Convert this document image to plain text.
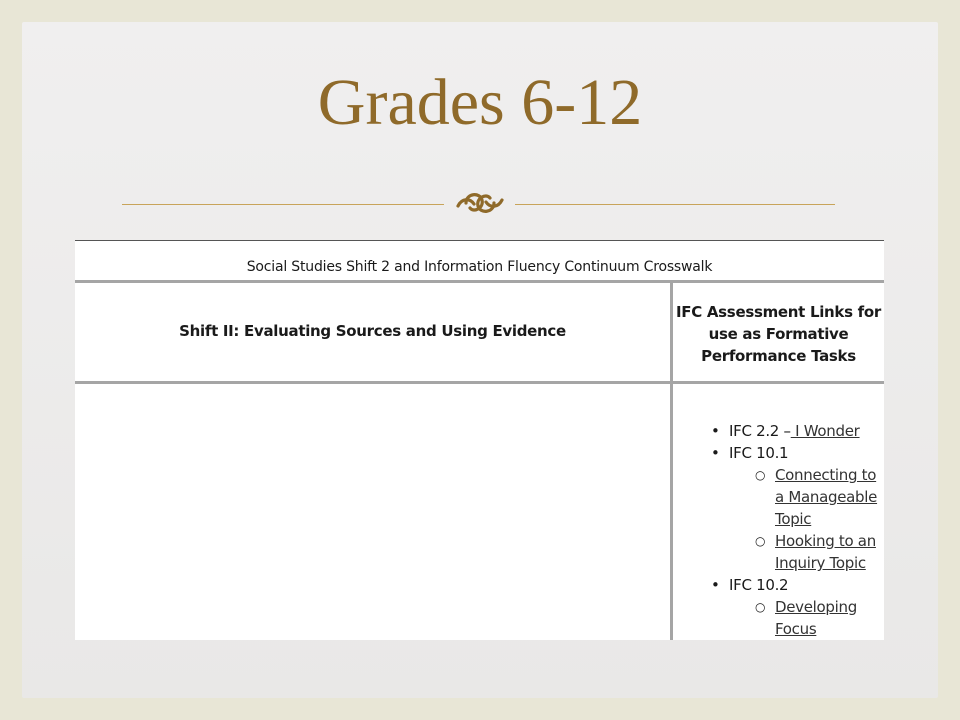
Grades 6-12
Social Studies Shift 2 and Information Fluency Continuum Crosswalk
Shift II: Evaluating Sources and Using Evidence
IFC Assessment Links for
use as Formative
Performance Tasks
• IFC 2.2 – I Wonder
• IFC 10.1
○ Connecting to
a Manageable
Topic
○ Hooking to an
Inquiry Topic
• IFC 10.2
○ Developing
Focus
